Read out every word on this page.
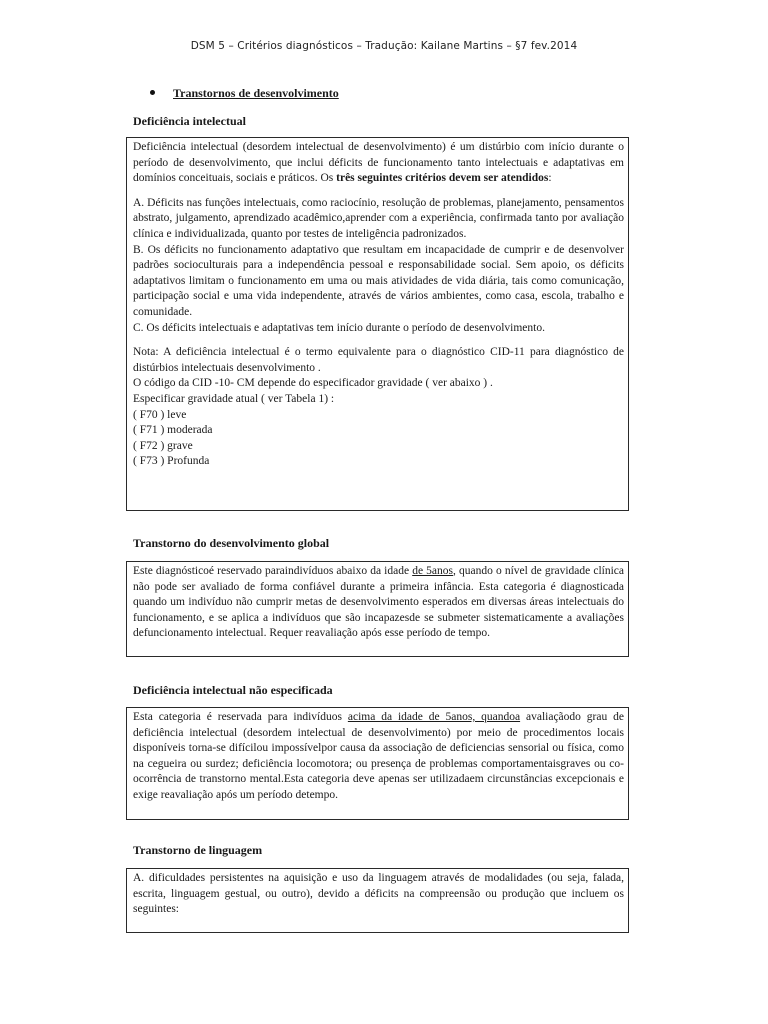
DSM 5 – Critérios diagnósticos – Tradução: Kailane Martins – §7 fev.2014
Transtornos de desenvolvimento
Deficiência intelectual

Deficiência intelectual (desordem intelectual de desenvolvimento) é um distúrbio com início durante o período de desenvolvimento, que inclui déficits de funcionamento tanto intelectuais e adaptativas em domínios conceituais, sociais e práticos. Os três seguintes critérios devem ser atendidos:

A. Déficits nas funções intelectuais, como raciocínio, resolução de problemas, planejamento, pensamentos abstrato, julgamento, aprendizado acadêmico,aprender com a experiência, confirmada tanto por avaliação clínica e individualizada, quanto por testes de inteligência padronizados.

B. Os déficits no funcionamento adaptativo que resultam em incapacidade de cumprir e de desenvolver padrões socioculturais para a independência pessoal e responsabilidade social. Sem apoio, os déficits adaptativos limitam o funcionamento em uma ou mais atividades de vida diária, tais como comunicação, participação social e uma vida independente, através de vários ambientes, como casa, escola, trabalho e comunidade.

C. Os déficits intelectuais e adaptativas tem início durante o período de desenvolvimento.

Nota: A deficiência intelectual é o termo equivalente para o diagnóstico CID-11 para diagnóstico de distúrbios intelectuais desenvolvimento .

O código da CID -10- CM depende do especificador gravidade ( ver abaixo ) .

Especificar gravidade atual ( ver Tabela 1) :

( F70 ) leve

( F71 ) moderada

( F72 ) grave

( F73 ) Profunda

Transtorno do desenvolvimento global

Este diagnósticoé reservado paraindivíduos abaixo da idade de 5anos, quando o nível de gravidade clínica não pode ser avaliado de forma confiável durante a primeira infância. Esta categoria é diagnosticada quando um indivíduo não cumprir metas de desenvolvimento esperados em diversas áreas intelectuais do funcionamento, e se aplica a indivíduos que são incapazesde se submeter sistematicamente a avaliações defuncionamento intelectual. Requer reavaliação após esse período de tempo.

Deficiência intelectual não especificada

Esta categoria é reservada para indivíduos acima da idade de 5anos, quandoa avaliaçãodo grau de deficiência intelectual (desordem intelectual de desenvolvimento) por meio de procedimentos locais disponíveis torna-se difícilou impossívelpor causa da associação de deficiencias sensorial ou física, como na cegueira ou surdez; deficiência locomotora; ou presença de problemas comportamentaisgraves ou co-ocorrência de transtorno mental.Esta categoria deve apenas ser utilizadaem circunstâncias excepcionais e exige reavaliação após um período detempo.

Transtorno de linguagem

A. dificuldades persistentes na aquisição e uso da linguagem através de modalidades (ou seja, falada, escrita, linguagem gestual, ou outro), devido a déficits na compreensão ou produção que incluem os seguintes:
